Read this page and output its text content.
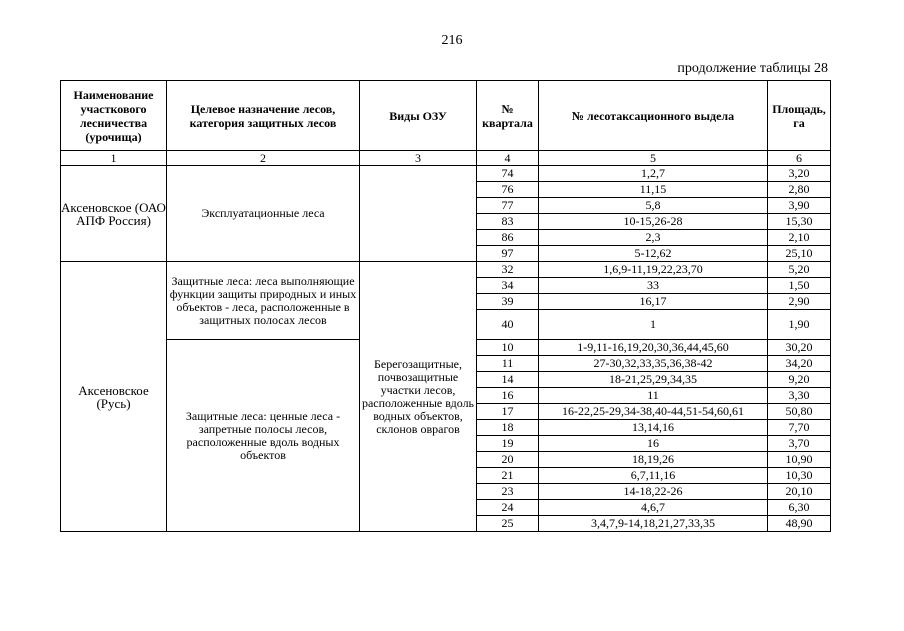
216
продолжение таблицы 28
Наименование участкового лесничества (урочища)	Целевое назначение лесов, категория защитных лесов	Виды ОЗУ	№ квартала	№ лесотаксационного выдела	Площадь, га
1	2	3	4	5	6
Аксеновское (ОАО АПФ Россия)	Эксплуатационные леса		74	1,2,7	3,20
			76	11,15	2,80
			77	5,8	3,90
			83	10-15,26-28	15,30
			86	2,3	2,10
			97	5-12,62	25,10
Аксеновское (Русь)	Защитные леса: леса выполняющие функции защиты природных и иных объектов - леса, расположенные в защитных полосах лесов	Берегозащитные, почвозащитные участки лесов, расположенные вдоль водных объектов, склонов оврагов	32	1,6,9-11,19,22,23,70	5,20
			34	33	1,50
			39	16,17	2,90
			40	1	1,90
	Защитные леса: ценные леса - запретные полосы лесов, расположенные вдоль водных объектов		10	1-9,11-16,19,20,30,36,44,45,60	30,20
			11	27-30,32,33,35,36,38-42	34,20
			14	18-21,25,29,34,35	9,20
			16	11	3,30
			17	16-22,25-29,34-38,40-44,51-54,60,61	50,80
			18	13,14,16	7,70
			19	16	3,70
			20	18,19,26	10,90
			21	6,7,11,16	10,30
			23	14-18,22-26	20,10
			24	4,6,7	6,30
			25	3,4,7,9-14,18,21,27,33,35	48,90
